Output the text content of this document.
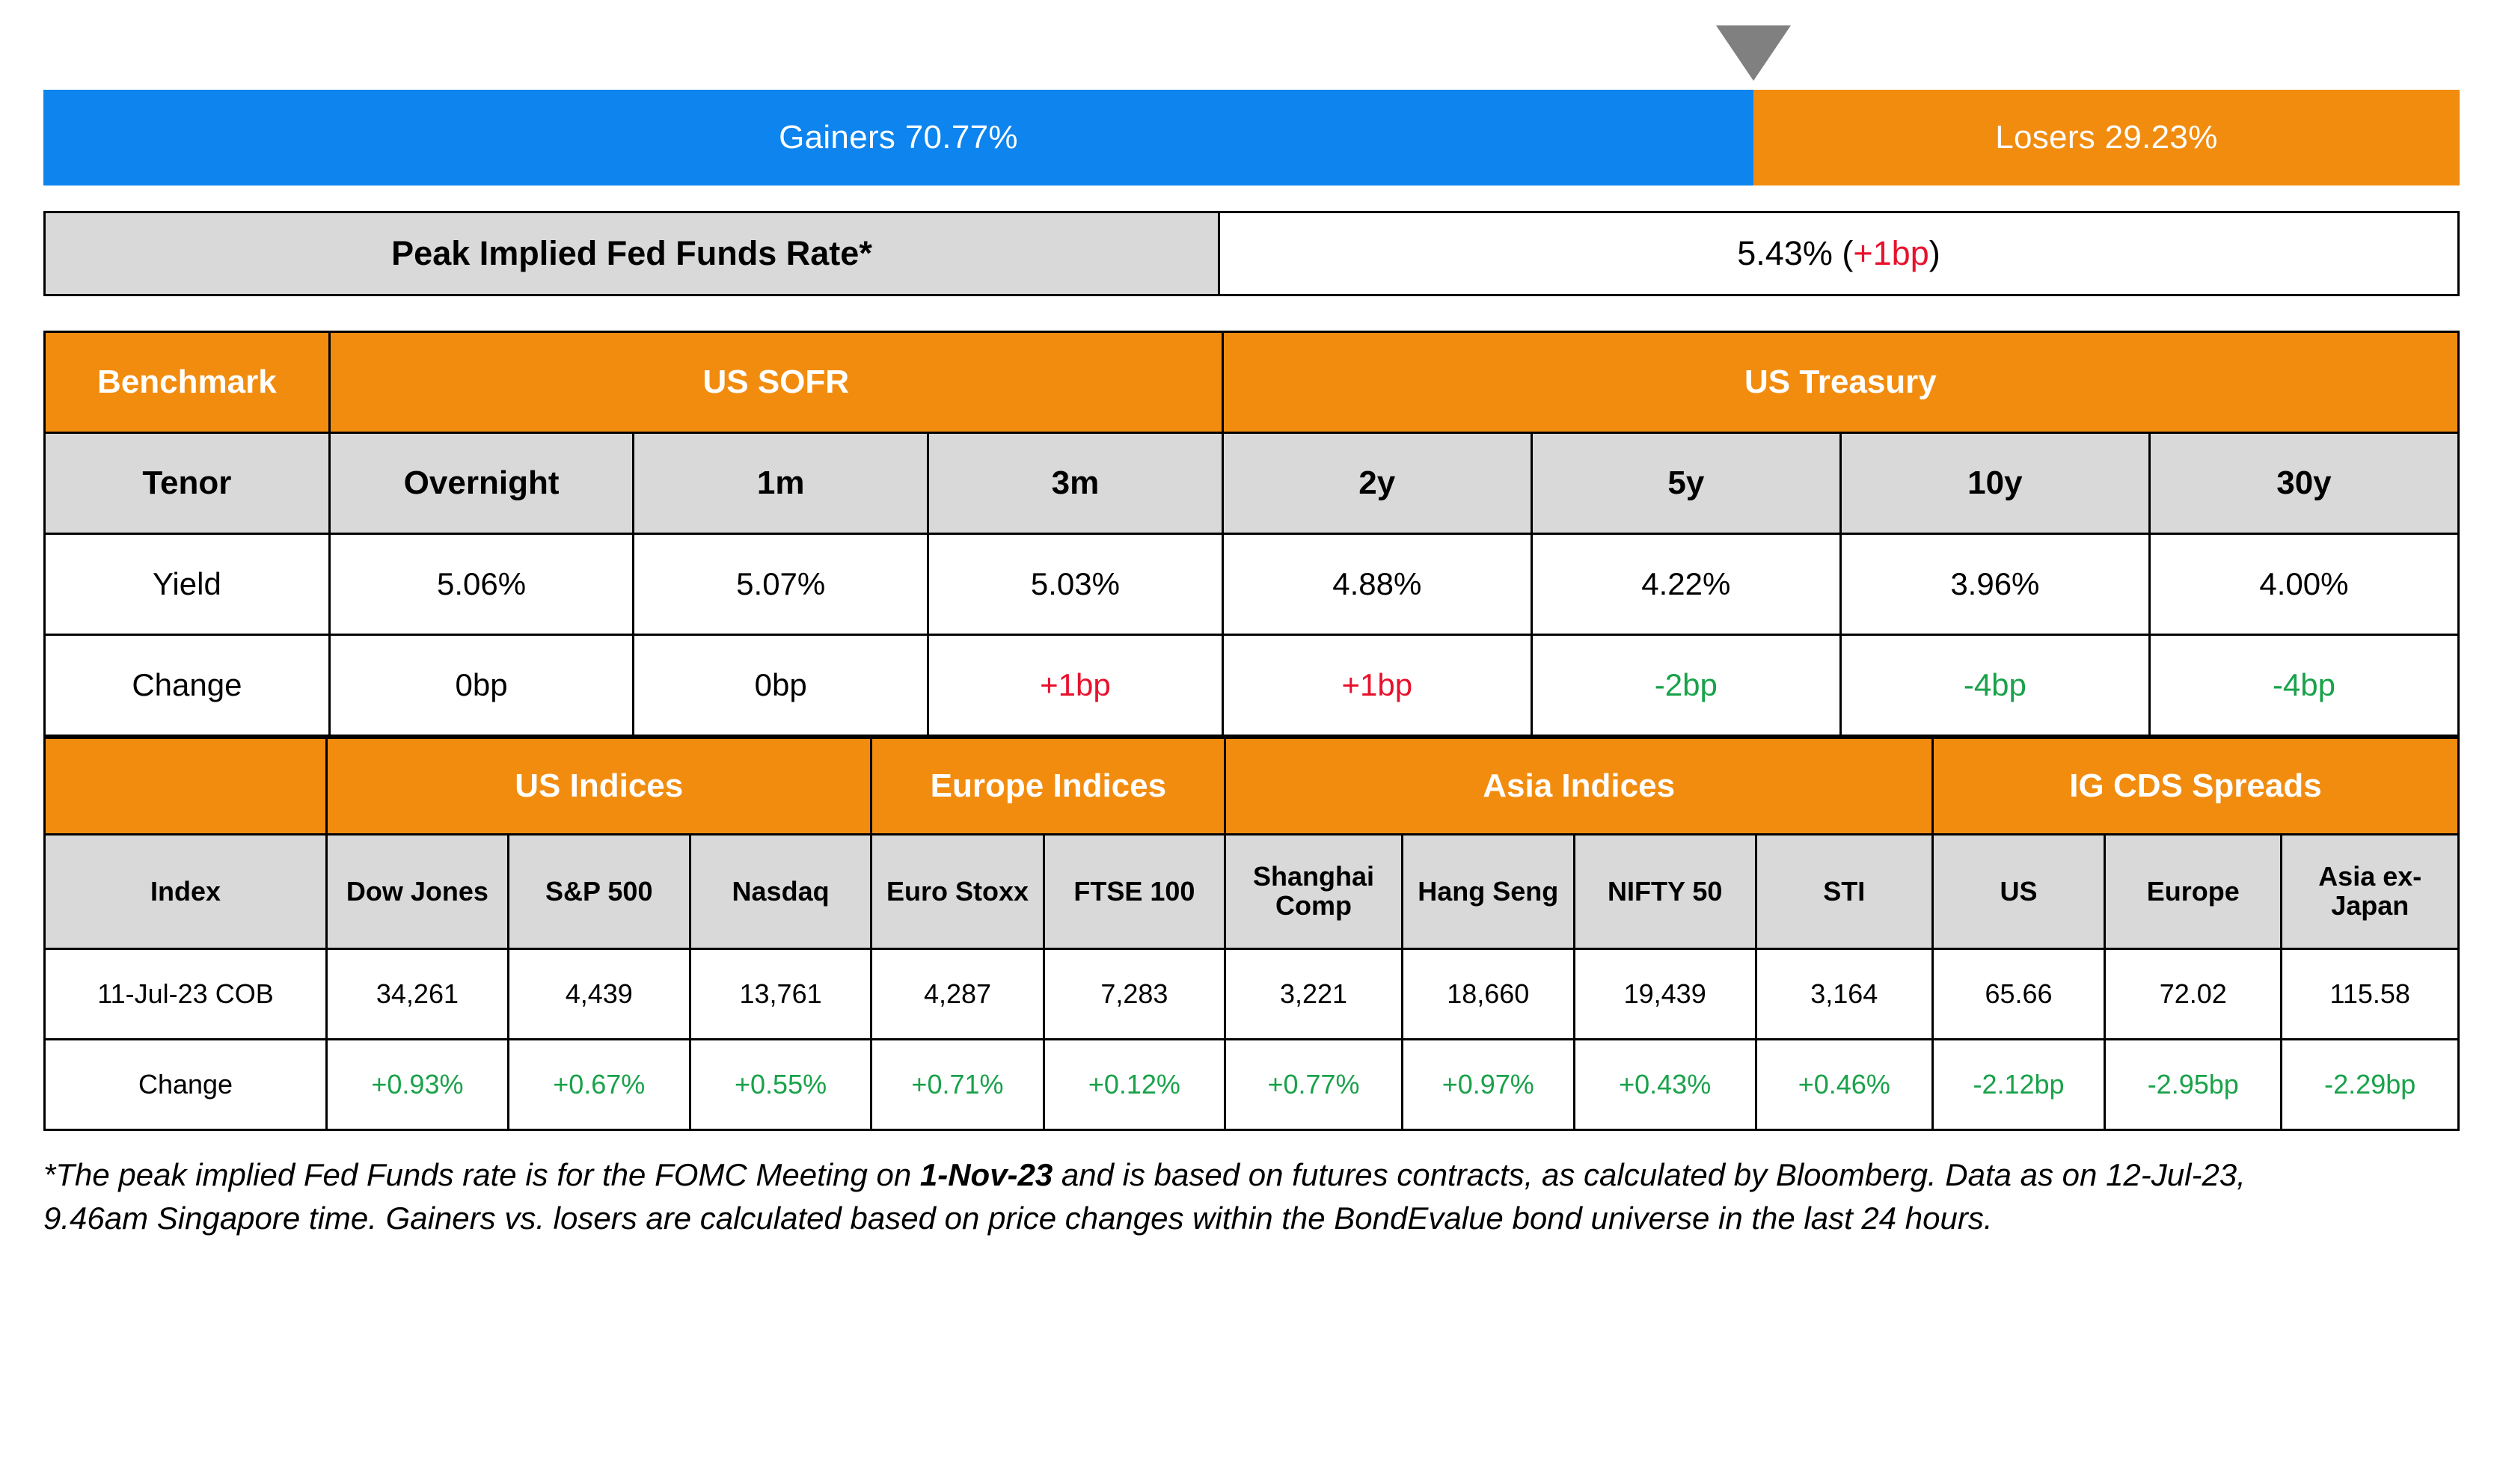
Gainers 70.77%	Losers 29.23%
Peak Implied Fed Funds Rate*	5.43% ( +1bp )
Benchmark	US SOFR			US Treasury			
Tenor	Overnight	1m	3m	2y	5y	10y	30y
Yield	5.06%	5.07%	5.03%	4.88%	4.22%	3.96%	4.00%
Change	0bp	0bp	+1bp	+1bp	-2bp	-4bp	-4bp
	US Indices			Europe Indices		Asia Indices				IG CDS Spreads		
Index	Dow Jones	S&P 500	Nasdaq	Euro Stoxx	FTSE 100	Shanghai Comp	Hang Seng	NIFTY 50	STI	US	Europe	Asia ex-Japan
11-Jul-23 COB	34,261	4,439	13,761	4,287	7,283	3,221	18,660	19,439	3,164	65.66	72.02	115.58
Change	+0.93%	+0.67%	+0.55%	+0.71%	+0.12%	+0.77%	+0.97%	+0.43%	+0.46%	-2.12bp	-2.95bp	-2.29bp
*The peak implied Fed Funds rate is for the FOMC Meeting on 1-Nov-23 and is based on futures contracts, as calculated by Bloomberg. Data as on 12-Jul-23, 9.46am Singapore time. Gainers vs. losers are calculated based on price changes within the BondEvalue bond universe in the last 24 hours.
